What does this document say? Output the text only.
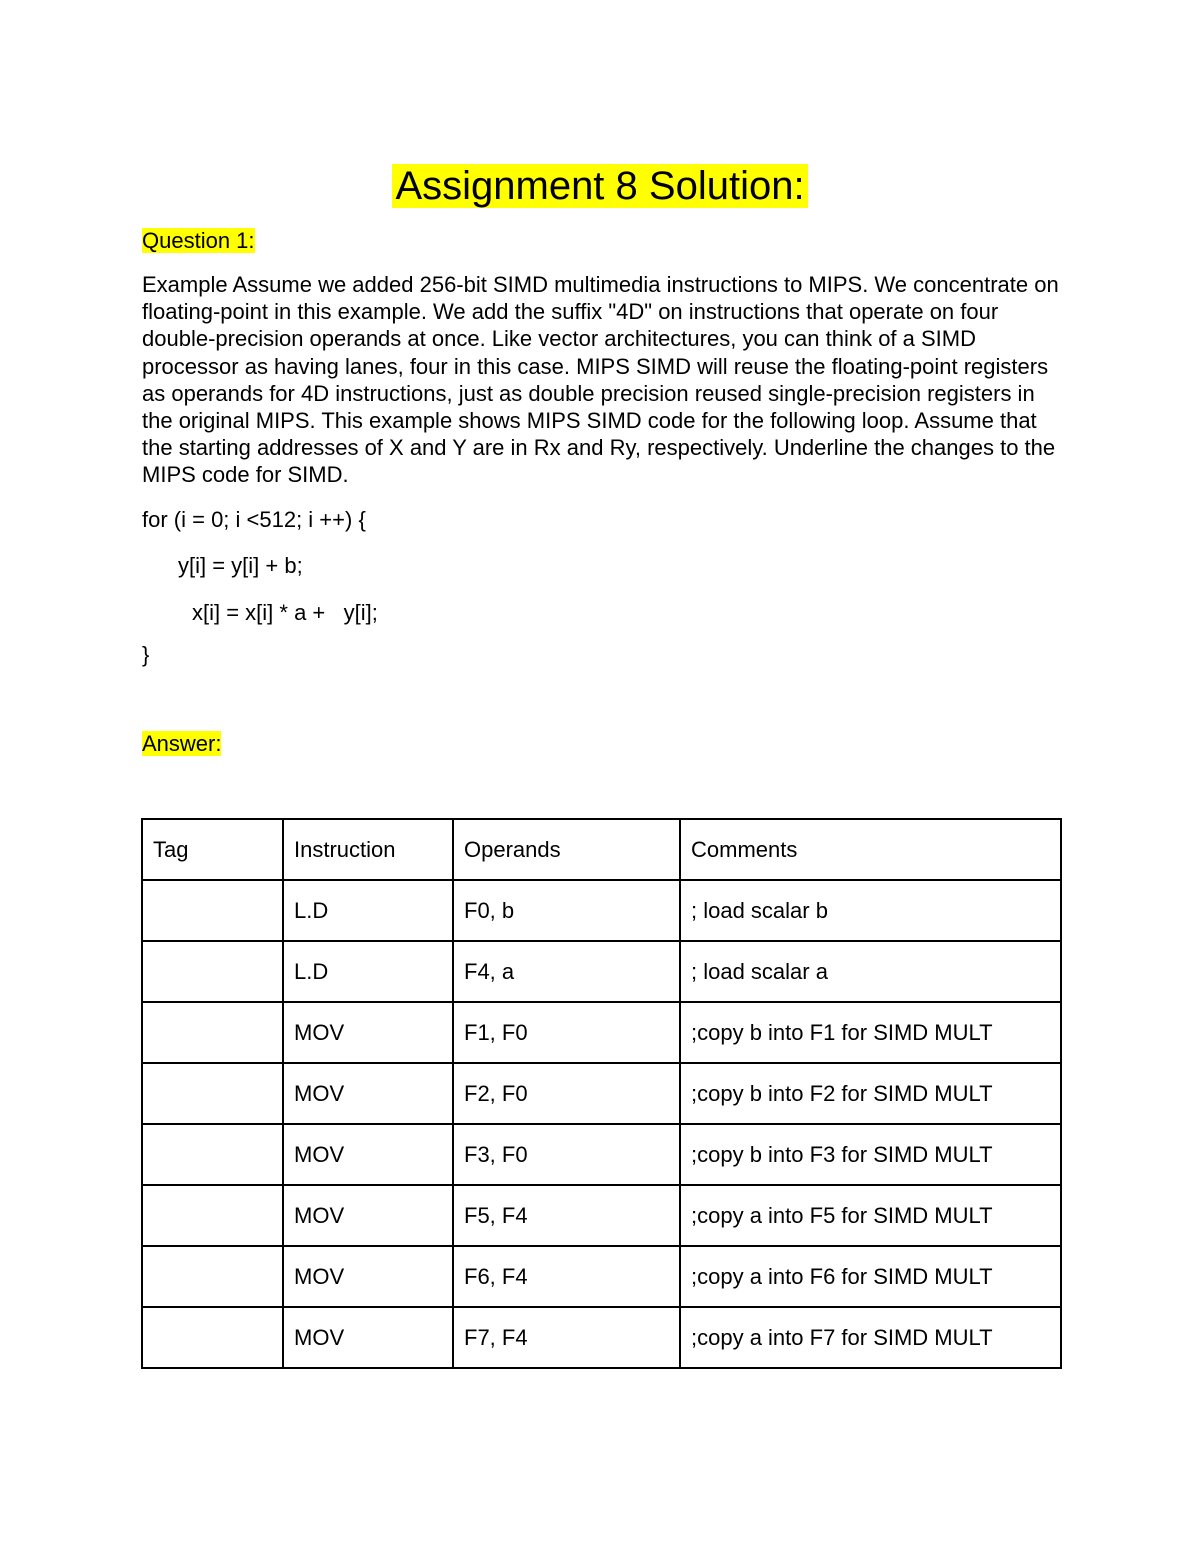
Assignment 8 Solution:
Question 1:

Example Assume we added 256-bit SIMD multimedia instructions to MIPS. We concentrate on floating-point in this example. We add the suffix "4D" on instructions that operate on four double-precision operands at once. Like vector architectures, you can think of a SIMD processor as having lanes, four in this case. MIPS SIMD will reuse the floating-point registers as operands for 4D instructions, just as double precision reused single-precision registers in the original MIPS. This example shows MIPS SIMD code for the following loop. Assume that the starting addresses of X and Y are in Rx and Ry, respectively. Underline the changes to the MIPS code for SIMD.

for (i = 0; i <512; i ++) {
y[i] = y[i] + b;
x[i] = x[i] * a +   y[i];
}
Answer:
Tag	Instruction	Operands	Comments
	L.D	F0, b	; load scalar b
	L.D	F4, a	; load scalar a
	MOV	F1, F0	;copy b into F1 for SIMD MULT
	MOV	F2, F0	;copy b into F2 for SIMD MULT
	MOV	F3, F0	;copy b into F3 for SIMD MULT
	MOV	F5, F4	;copy a into F5 for SIMD MULT
	MOV	F6, F4	;copy a into F6 for SIMD MULT
	MOV	F7, F4	;copy a into F7 for SIMD MULT
